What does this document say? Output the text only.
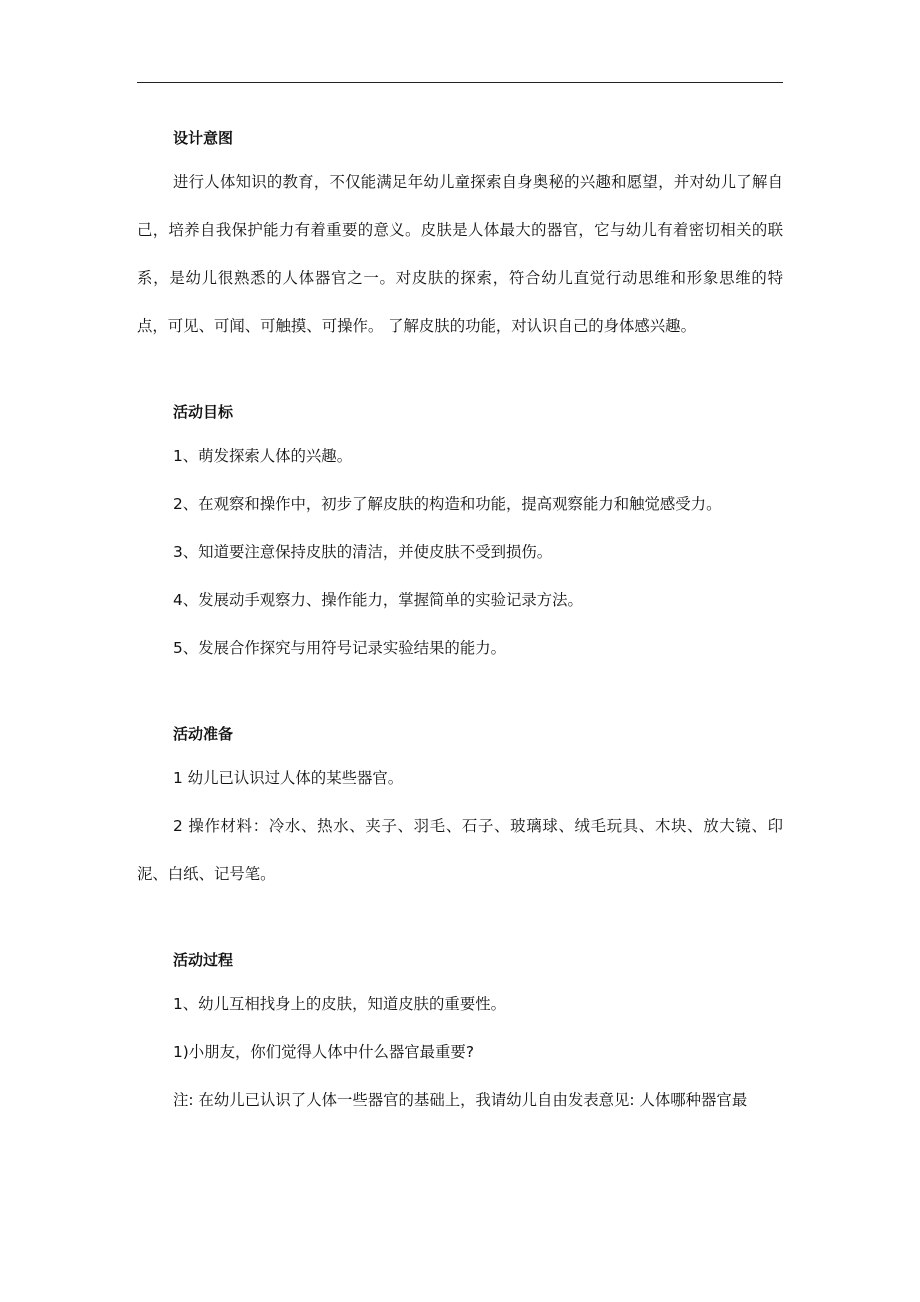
设计意图

进行人体知识的教育，不仅能满足年幼儿童探索自身奥秘的兴趣和愿望，并对幼儿了解自己，培养自我保护能力有着重要的意义。皮肤是人体最大的器官，它与幼儿有着密切相关的联系，是幼儿很熟悉的人体器官之一。对皮肤的探索，符合幼儿直觉行动思维和形象思维的特点，可见、可闻、可触摸、可操作。 了解皮肤的功能，对认识自己的身体感兴趣。

活动目标

1、萌发探索人体的兴趣。

2、在观察和操作中，初步了解皮肤的构造和功能，提高观察能力和触觉感受力。

3、知道要注意保持皮肤的清洁，并使皮肤不受到损伤。

4、发展动手观察力、操作能力，掌握简单的实验记录方法。

5、发展合作探究与用符号记录实验结果的能力。

活动准备

1 幼儿已认识过人体的某些器官。

2 操作材料：冷水、热水、夹子、羽毛、石子、玻璃球、绒毛玩具、木块、放大镜、印泥、白纸、记号笔。

活动过程

1、幼儿互相找身上的皮肤，知道皮肤的重要性。

1)小朋友，你们觉得人体中什么器官最重要?

注: 在幼儿已认识了人体一些器官的基础上，我请幼儿自由发表意见: 人体哪种器官最
